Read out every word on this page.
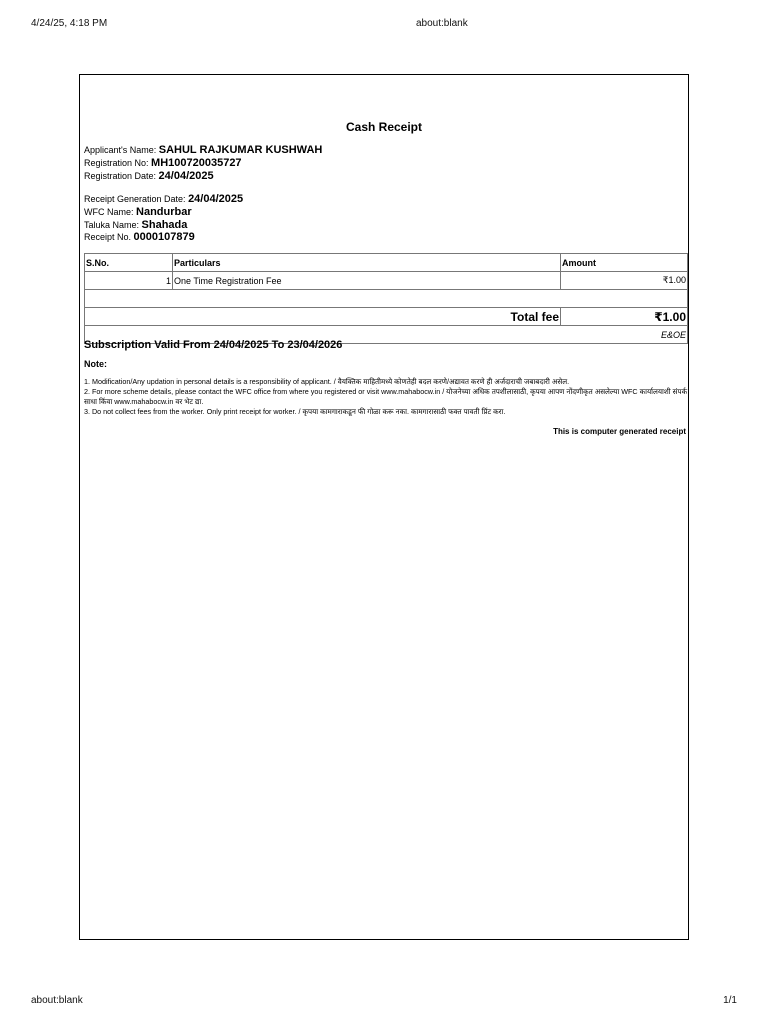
4/24/25, 4:18 PM	about:blank
Cash Receipt
Applicant's Name: SAHUL RAJKUMAR KUSHWAH
Registration No: MH100720035727
Registration Date: 24/04/2025
Receipt Generation Date: 24/04/2025
WFC Name: Nandurbar
Taluka Name: Shahada
Receipt No. 0000107879
S.No.	Particulars	Amount
1	One Time Registration Fee	₹1.00

Total fee		₹1.00
E&OE		
Subscription Valid From 24/04/2025 To 23/04/2026
Note:
1. Modification/Any updation in personal details is a responsibility of applicant. / वैयक्तिक माहितीमध्ये कोणतेही बदल करणे/अद्यावत करणे ही अर्जदाराची जबाबदारी असेल.
2. For more scheme details, please contact the WFC office from where you registered or visit www.mahabocw.in / योजनेच्या अधिक तपशीलासाठी, कृपया आपण नोंदणीकृत असलेल्या WFC कार्यालयाशी संपर्क साधा किंवा www.mahabocw.in वर भेट द्या.
3. Do not collect fees from the worker. Only print receipt for worker. / कृपया कामगाराकडून फी गोळा करू नका. कामगारासाठी फक्त पावती प्रिंट करा.
This is computer generated receipt
about:blank	1/1
